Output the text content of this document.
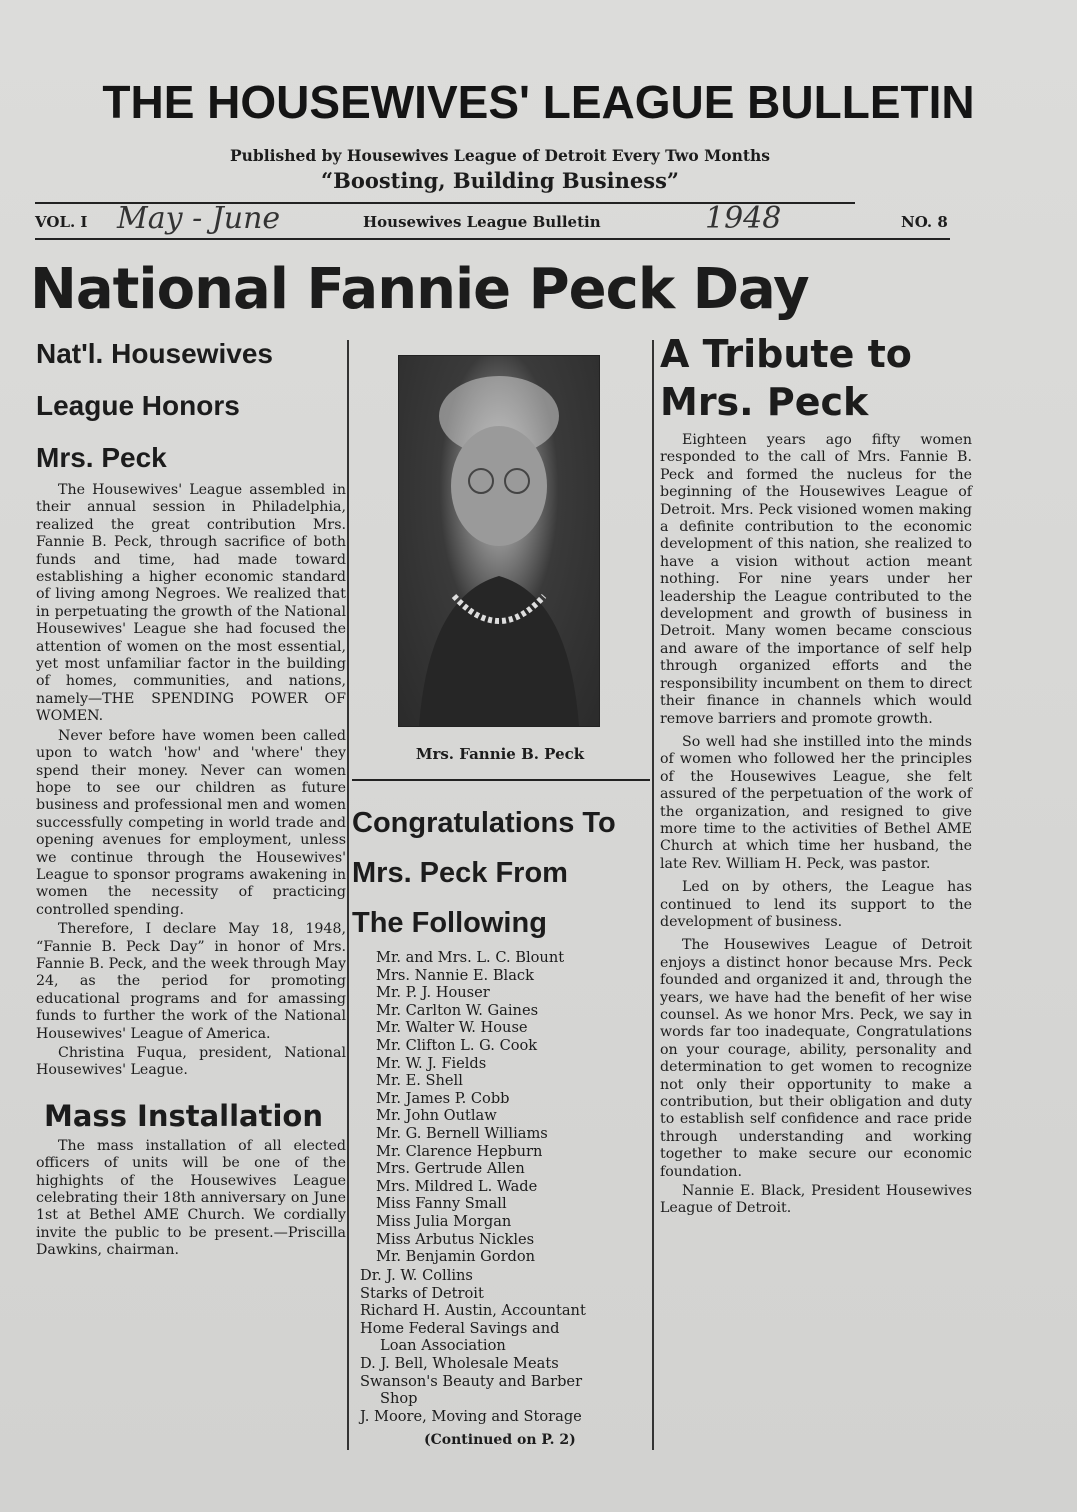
THE HOUSEWIVES' LEAGUE BULLETIN
Published by Housewives League of Detroit Every Two Months
“Boosting, Building Business”
VOL. I May - June	Housewives League Bulletin	1948	NO. 8
National Fannie Peck Day
Nat'l. Housewives
League Honors
Mrs. Peck

The Housewives' League assembled in their annual session in Philadelphia, realized the great contribution Mrs. Fannie B. Peck, through sacrifice of both funds and time, had made toward establishing a higher economic standard of living among Negroes. We realized that in perpetuating the growth of the National Housewives' League she had focused the attention of women on the most essential, yet most unfamiliar factor in the building of homes, communities, and nations, namely—THE SPENDING POWER OF WOMEN.

Never before have women been called upon to watch 'how' and 'where' they spend their money. Never can women hope to see our children as future business and professional men and women successfully competing in world trade and opening avenues for employment, unless we continue through the Housewives' League to sponsor programs awakening in women the necessity of practicing controlled spending.

Therefore, I declare May 18, 1948, “Fannie B. Peck Day” in honor of Mrs. Fannie B. Peck, and the week through May 24, as the period for promoting educational programs and for amassing funds to further the work of the National Housewives' League of America.

Christina Fuqua, president, National Housewives' League.

Mass Installation

The mass installation of all elected officers of units will be one of the highights of the Housewives League celebrating their 18th anniversary on June 1st at Bethel AME Church. We cordially invite the public to be present.—Priscilla Dawkins, chairman.

Mrs. Fannie B. Peck
Congratulations To
Mrs. Peck From
The Following
Mr. and Mrs. L. C. Blount
Mrs. Nannie E. Black
Mr. P. J. Houser
Mr. Carlton W. Gaines
Mr. Walter W. House
Mr. Clifton L. G. Cook
Mr. W. J. Fields
Mr. E. Shell
Mr. James P. Cobb
Mr. John Outlaw
Mr. G. Bernell Williams
Mr. Clarence Hepburn
Mrs. Gertrude Allen
Mrs. Mildred L. Wade
Miss Fanny Small
Miss Julia Morgan
Miss Arbutus Nickles
Mr. Benjamin Gordon
Dr. J. W. Collins
Starks of Detroit
Richard H. Austin, Accountant
Home Federal Savings and
Loan Association
D. J. Bell, Wholesale Meats
Swanson's Beauty and Barber
Shop
J. Moore, Moving and Storage
(Continued on P. 2)
A Tribute to
Mrs. Peck

Eighteen years ago fifty women responded to the call of Mrs. Fannie B. Peck and formed the nucleus for the beginning of the Housewives League of Detroit. Mrs. Peck visioned women making a definite contribution to the economic development of this nation, she realized to have a vision without action meant nothing. For nine years under her leadership the League contributed to the development and growth of business in Detroit. Many women became conscious and aware of the importance of self help through organized efforts and the responsibility incumbent on them to direct their finance in channels which would remove barriers and promote growth.

So well had she instilled into the minds of women who followed her the principles of the Housewives League, she felt assured of the perpetuation of the work of the organization, and resigned to give more time to the activities of Bethel AME Church at which time her husband, the late Rev. William H. Peck, was pastor.

Led on by others, the League has continued to lend its support to the development of business.

The Housewives League of Detroit enjoys a distinct honor because Mrs. Peck founded and organized it and, through the years, we have had the benefit of her wise counsel. As we honor Mrs. Peck, we say in words far too inadequate, Congratulations on your courage, ability, personality and determination to get women to recognize not only their opportunity to make a contribution, but their obligation and duty to establish self confidence and race pride through understanding and working together to make secure our economic foundation.

Nannie E. Black, President Housewives League of Detroit.
